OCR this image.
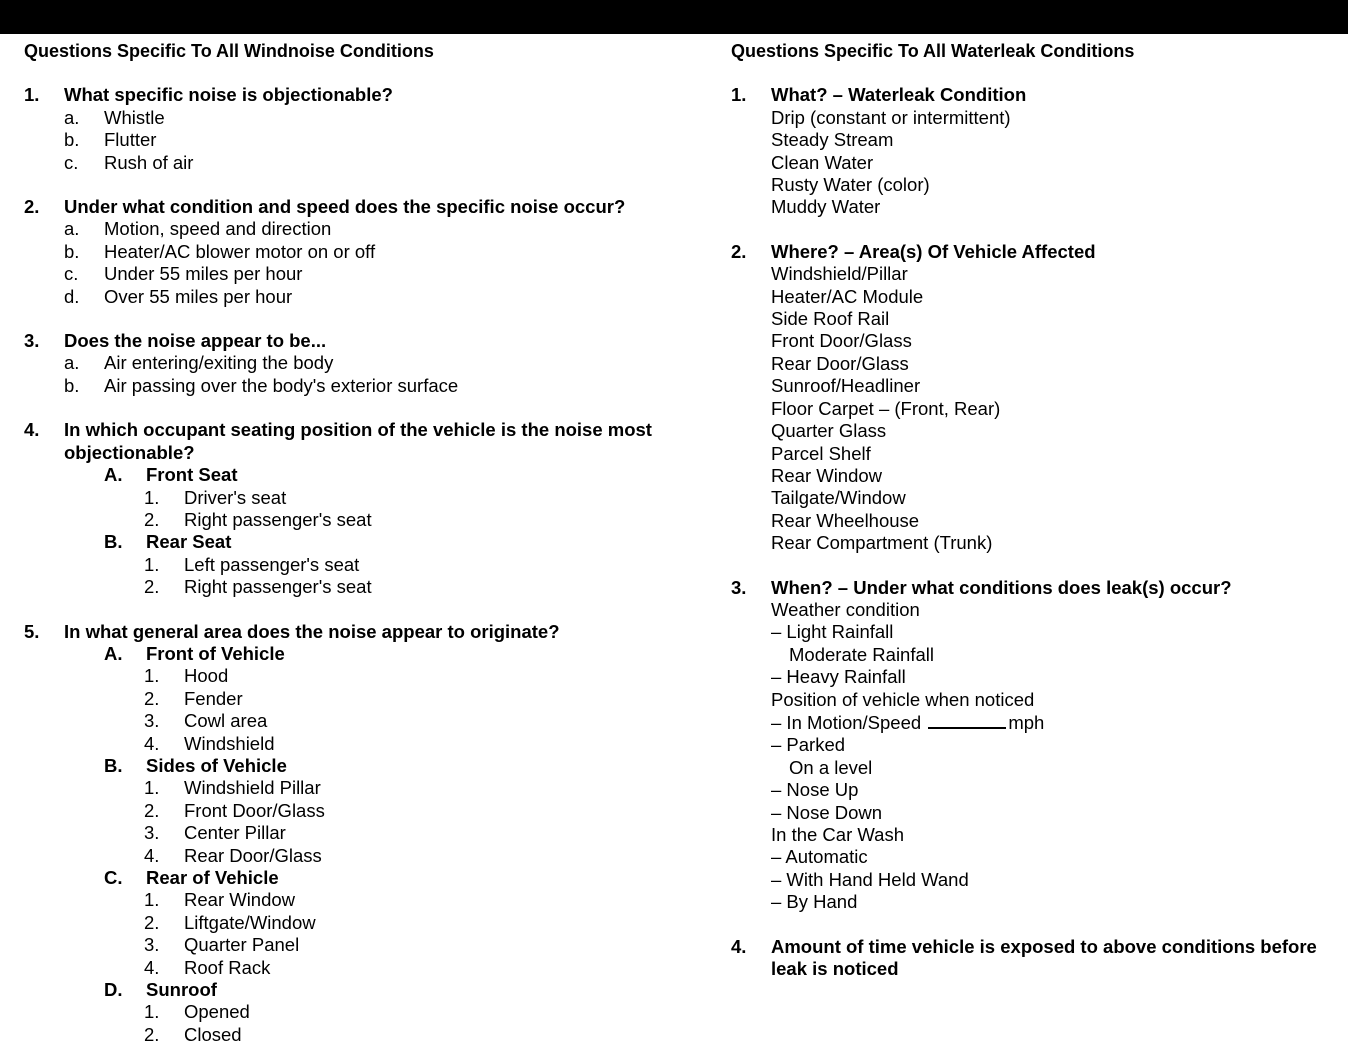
Questions Specific To All Windnoise Conditions
1. What specific noise is objectionable?
a. Whistle
b. Flutter
c. Rush of air
2. Under what condition and speed does the specific noise occur?
a. Motion, speed and direction
b. Heater/AC blower motor on or off
c. Under 55 miles per hour
d. Over 55 miles per hour
3. Does the noise appear to be...
a. Air entering/exiting the body
b. Air passing over the body's exterior surface
4. In which occupant seating position of the vehicle is the noise most objectionable?
A. Front Seat
1. Driver's seat
2. Right passenger's seat
B. Rear Seat
1. Left passenger's seat
2. Right passenger's seat
5. In what general area does the noise appear to originate?
A. Front of Vehicle
1. Hood
2. Fender
3. Cowl area
4. Windshield
B. Sides of Vehicle
1. Windshield Pillar
2. Front Door/Glass
3. Center Pillar
4. Rear Door/Glass
C. Rear of Vehicle
1. Rear Window
2. Liftgate/Window
3. Quarter Panel
4. Roof Rack
D. Sunroof
1. Opened
2. Closed
Questions Specific To All Waterleak Conditions
1. What? – Waterleak Condition
Drip (constant or intermittent)
Steady Stream
Clean Water
Rusty Water (color)
Muddy Water
2. Where? – Area(s) Of Vehicle Affected
Windshield/Pillar
Heater/AC Module
Side Roof Rail
Front Door/Glass
Rear Door/Glass
Sunroof/Headliner
Floor Carpet – (Front, Rear)
Quarter Glass
Parcel Shelf
Rear Window
Tailgate/Window
Rear Wheelhouse
Rear Compartment (Trunk)
3. When? – Under what conditions does leak(s) occur?
Weather condition
– Light Rainfall
Moderate Rainfall
– Heavy Rainfall
Position of vehicle when noticed
– In Motion/Speed	mph
– Parked
On a level
– Nose Up
– Nose Down
In the Car Wash
– Automatic
– With Hand Held Wand
– By Hand
4. Amount of time vehicle is exposed to above conditions before leak is noticed
